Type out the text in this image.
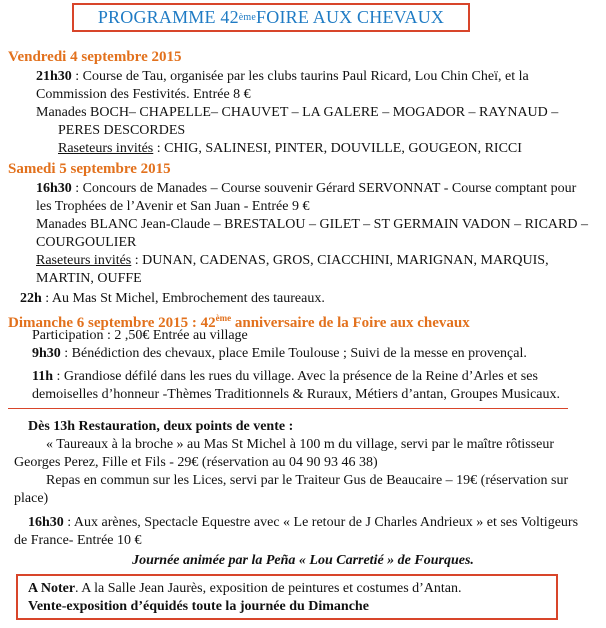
PROGRAMME 42 ème FOIRE AUX CHEVAUX
Vendredi 4 septembre 2015
21h30 : Course de Tau, organisée par les clubs taurins Paul Ricard, Lou Chin Cheï, et la
Commission des Festivités. Entrée 8 €
Manades BOCH– CHAPELLE– CHAUVET – LA GALERE – MOGADOR – RAYNAUD –
PERES DESCORDES
Raseteurs invités : CHIG, SALINESI, PINTER, DOUVILLE, GOUGEON, RICCI
Samedi 5 septembre 2015
16h30 : Concours de Manades – Course souvenir Gérard SERVONNAT - Course comptant pour
les Trophées de l’Avenir et San Juan - Entrée 9 €
Manades BLANC Jean-Claude – BRESTALOU – GILET – ST GERMAIN VADON – RICARD –
COURGOULIER
Raseteurs invités : DUNAN, CADENAS, GROS, CIACCHINI, MARIGNAN, MARQUIS,
MARTIN, OUFFE
22h : Au Mas St Michel, Embrochement des taureaux.
Dimanche 6 septembre 2015 : 42ème anniversaire de la Foire aux chevaux
Participation : 2 ,50€ Entrée au village
9h30 : Bénédiction des chevaux, place Emile Toulouse ; Suivi de la messe en provençal.
11h : Grandiose défilé dans les rues du village. Avec la présence de la Reine d’Arles et ses
demoiselles d’honneur -Thèmes Traditionnels & Ruraux, Métiers d’antan, Groupes Musicaux.
Dès 13h Restauration, deux points de vente :
« Taureaux à la broche » au Mas St Michel à 100 m du village, servi par le maître rôtisseur
Georges Perez, Fille et Fils - 29€ (réservation au 04 90 93 46 38)
Repas en commun sur les Lices, servi par le Traiteur Gus de Beaucaire – 19€ (réservation sur
place)
16h30 : Aux arènes, Spectacle Equestre avec « Le retour de J Charles Andrieux » et ses Voltigeurs
de France- Entrée 10 €
Journée animée par la Peña « Lou Carretié » de Fourques.
A Noter. A la Salle Jean Jaurès, exposition de peintures et costumes d’Antan.
Vente-exposition d’équidés toute la journée du Dimanche
